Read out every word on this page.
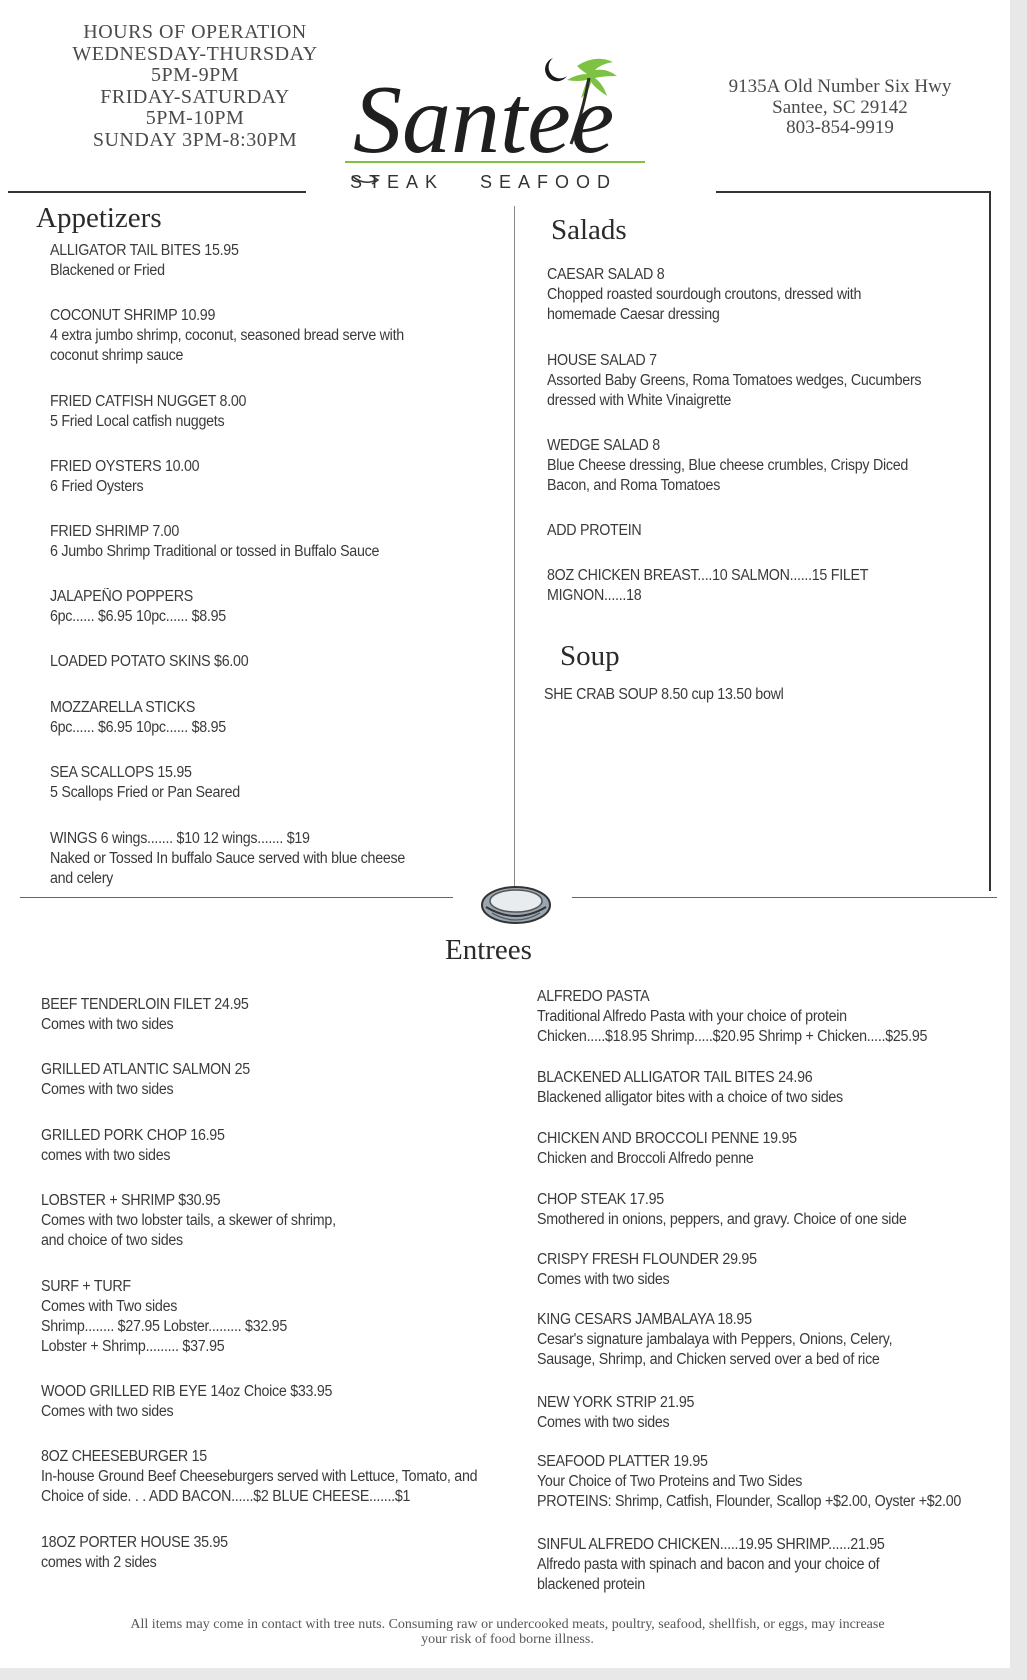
HOURS OF OPERATION
WEDNESDAY-THURSDAY
5PM-9PM
FRIDAY-SATURDAY
5PM-10PM
SUNDAY 3PM-8:30PM Santee
STEAK SEAFOOD
9135A Old Number Six Hwy
Santee, SC 29142
803-854-9919
Appetizers
ALLIGATOR TAIL BITES 15.95
Blackened or Fried
COCONUT SHRIMP 10.99
4 extra jumbo shrimp, coconut, seasoned bread serve with
coconut shrimp sauce
FRIED CATFISH NUGGET 8.00
5 Fried Local catfish nuggets
FRIED OYSTERS 10.00
6 Fried Oysters
FRIED SHRIMP 7.00
6 Jumbo Shrimp Traditional or tossed in Buffalo Sauce
JALAPEÑO POPPERS
6pc...... $6.95 10pc...... $8.95
LOADED POTATO SKINS $6.00
MOZZARELLA STICKS
6pc...... $6.95 10pc...... $8.95
SEA SCALLOPS 15.95
5 Scallops Fried or Pan Seared
WINGS 6 wings....... $10 12 wings....... $19
Naked or Tossed In buffalo Sauce served with blue cheese
and celery
Salads
CAESAR SALAD 8
Chopped roasted sourdough croutons, dressed with
homemade Caesar dressing
HOUSE SALAD 7
Assorted Baby Greens, Roma Tomatoes wedges, Cucumbers
dressed with White Vinaigrette
WEDGE SALAD 8
Blue Cheese dressing, Blue cheese crumbles, Crispy Diced
Bacon, and Roma Tomatoes
ADD PROTEIN
8OZ CHICKEN BREAST....10 SALMON......15 FILET
MIGNON......18
Soup
SHE CRAB SOUP 8.50 cup 13.50 bowl
Entrees
BEEF TENDERLOIN FILET 24.95
Comes with two sides
GRILLED ATLANTIC SALMON 25
Comes with two sides
GRILLED PORK CHOP 16.95
comes with two sides
LOBSTER + SHRIMP $30.95
Comes with two lobster tails, a skewer of shrimp,
and choice of two sides
SURF + TURF
Comes with Two sides
Shrimp........ $27.95 Lobster......... $32.95
Lobster + Shrimp......... $37.95
WOOD GRILLED RIB EYE 14oz Choice $33.95
Comes with two sides
8OZ CHEESEBURGER 15
In-house Ground Beef Cheeseburgers served with Lettuce, Tomato, and
Choice of side. . . ADD BACON......$2 BLUE CHEESE.......$1
18OZ PORTER HOUSE 35.95
comes with 2 sides
ALFREDO PASTA
Traditional Alfredo Pasta with your choice of protein
Chicken.....$18.95 Shrimp.....$20.95 Shrimp + Chicken.....$25.95
BLACKENED ALLIGATOR TAIL BITES 24.96
Blackened alligator bites with a choice of two sides
CHICKEN AND BROCCOLI PENNE 19.95
Chicken and Broccoli Alfredo penne
CHOP STEAK 17.95
Smothered in onions, peppers, and gravy. Choice of one side
CRISPY FRESH FLOUNDER 29.95
Comes with two sides
KING CESARS JAMBALAYA 18.95
Cesar's signature jambalaya with Peppers, Onions, Celery,
Sausage, Shrimp, and Chicken served over a bed of rice
NEW YORK STRIP 21.95
Comes with two sides
SEAFOOD PLATTER 19.95
Your Choice of Two Proteins and Two Sides
PROTEINS: Shrimp, Catfish, Flounder, Scallop +$2.00, Oyster +$2.00
SINFUL ALFREDO CHICKEN.....19.95 SHRIMP......21.95
Alfredo pasta with spinach and bacon and your choice of
blackened protein
All items may come in contact with tree nuts. Consuming raw or undercooked meats, poultry, seafood, shellfish, or eggs, may increase
your risk of food borne illness.
